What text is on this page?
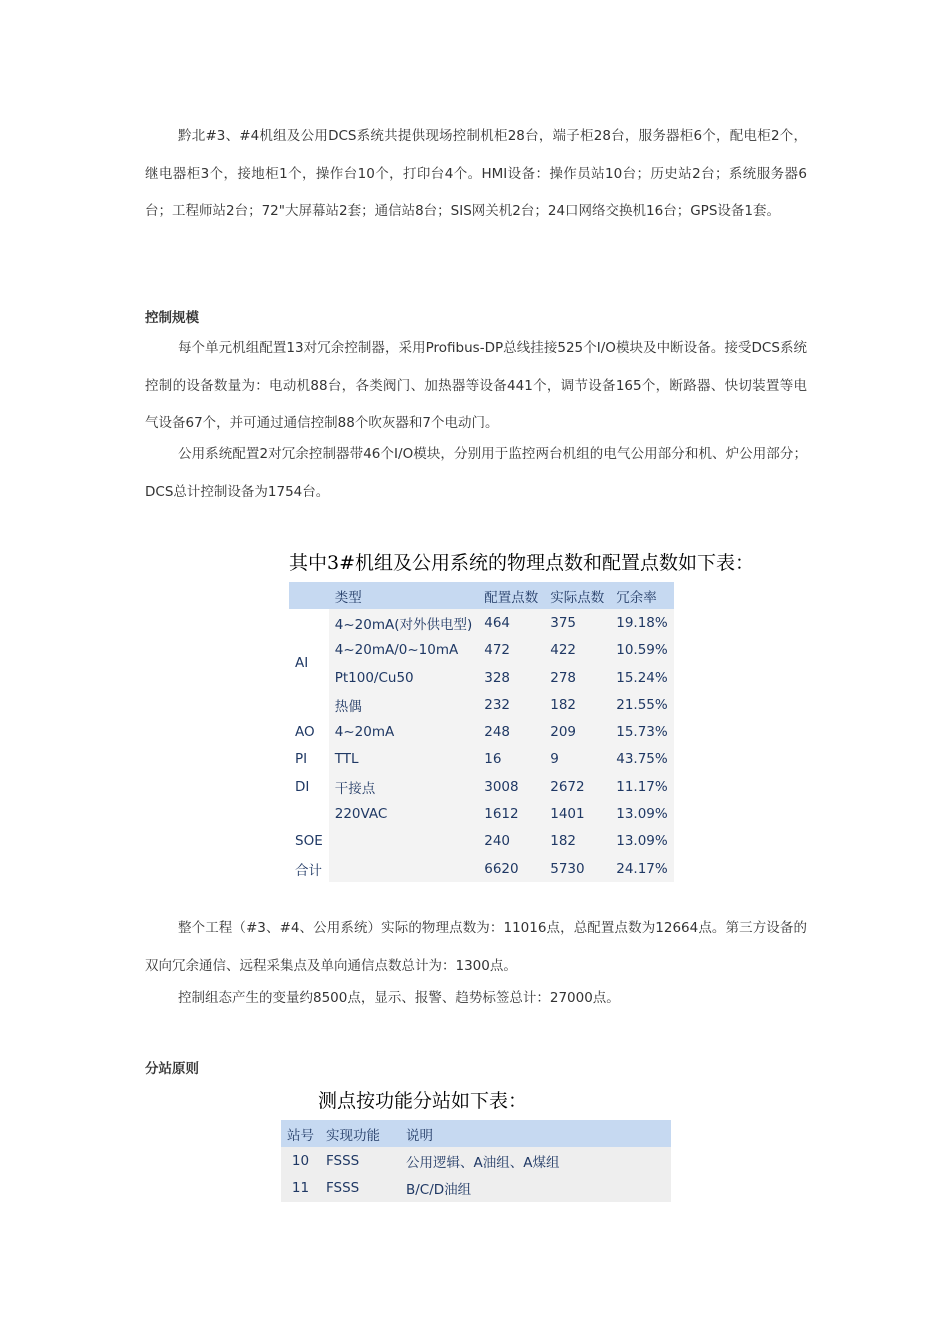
黔北#3、#4机组及公用DCS系统共提供现场控制机柜28台，端子柜28台，服务器柜6个，配电柜2个，继电器柜3个，接地柜1个，操作台10个，打印台4个。HMI设备：操作员站10台；历史站2台；系统服务器6台；工程师站2台；72"大屏幕站2套；通信站8台；SIS网关机2台；24口网络交换机16台；GPS设备1套。

控制规模

每个单元机组配置13对冗余控制器，采用Profibus-DP总线挂接525个I/O模块及中断设备。接受DCS系统控制的设备数量为：电动机88台，各类阀门、加热器等设备441个，调节设备165个，断路器、快切装置等电气设备67个，并可通过通信控制88个吹灰器和7个电动门。

公用系统配置2对冗余控制器带46个I/O模块，分别用于监控两台机组的电气公用部分和机、炉公用部分；DCS总计控制设备为1754台。

其中3#机组及公用系统的物理点数和配置点数如下表：

	类型	配置点数	实际点数	冗余率
	4~20mA(对外供电型)	464	375	19.18%
AI	4~20mA/0~10mA	472	422	10.59%
	Pt100/Cu50	328	278	15.24%
	热偶	232	182	21.55%
AO	4~20mA	248	209	15.73%
PI	TTL	16	9	43.75%
DI	干接点	3008	2672	11.17%
	220VAC	1612	1401	13.09%
SOE		240	182	13.09%
合计		6620	5730	24.17%

整个工程（#3、#4、公用系统）实际的物理点数为：11016点，总配置点数为12664点。第三方设备的双向冗余通信、远程采集点及单向通信点数总计为：1300点。

控制组态产生的变量约8500点，显示、报警、趋势标签总计：27000点。

分站原则

测点按功能分站如下表：

站号	实现功能	说明
10	FSSS	公用逻辑、A油组、A煤组
11	FSSS	B/C/D油组
